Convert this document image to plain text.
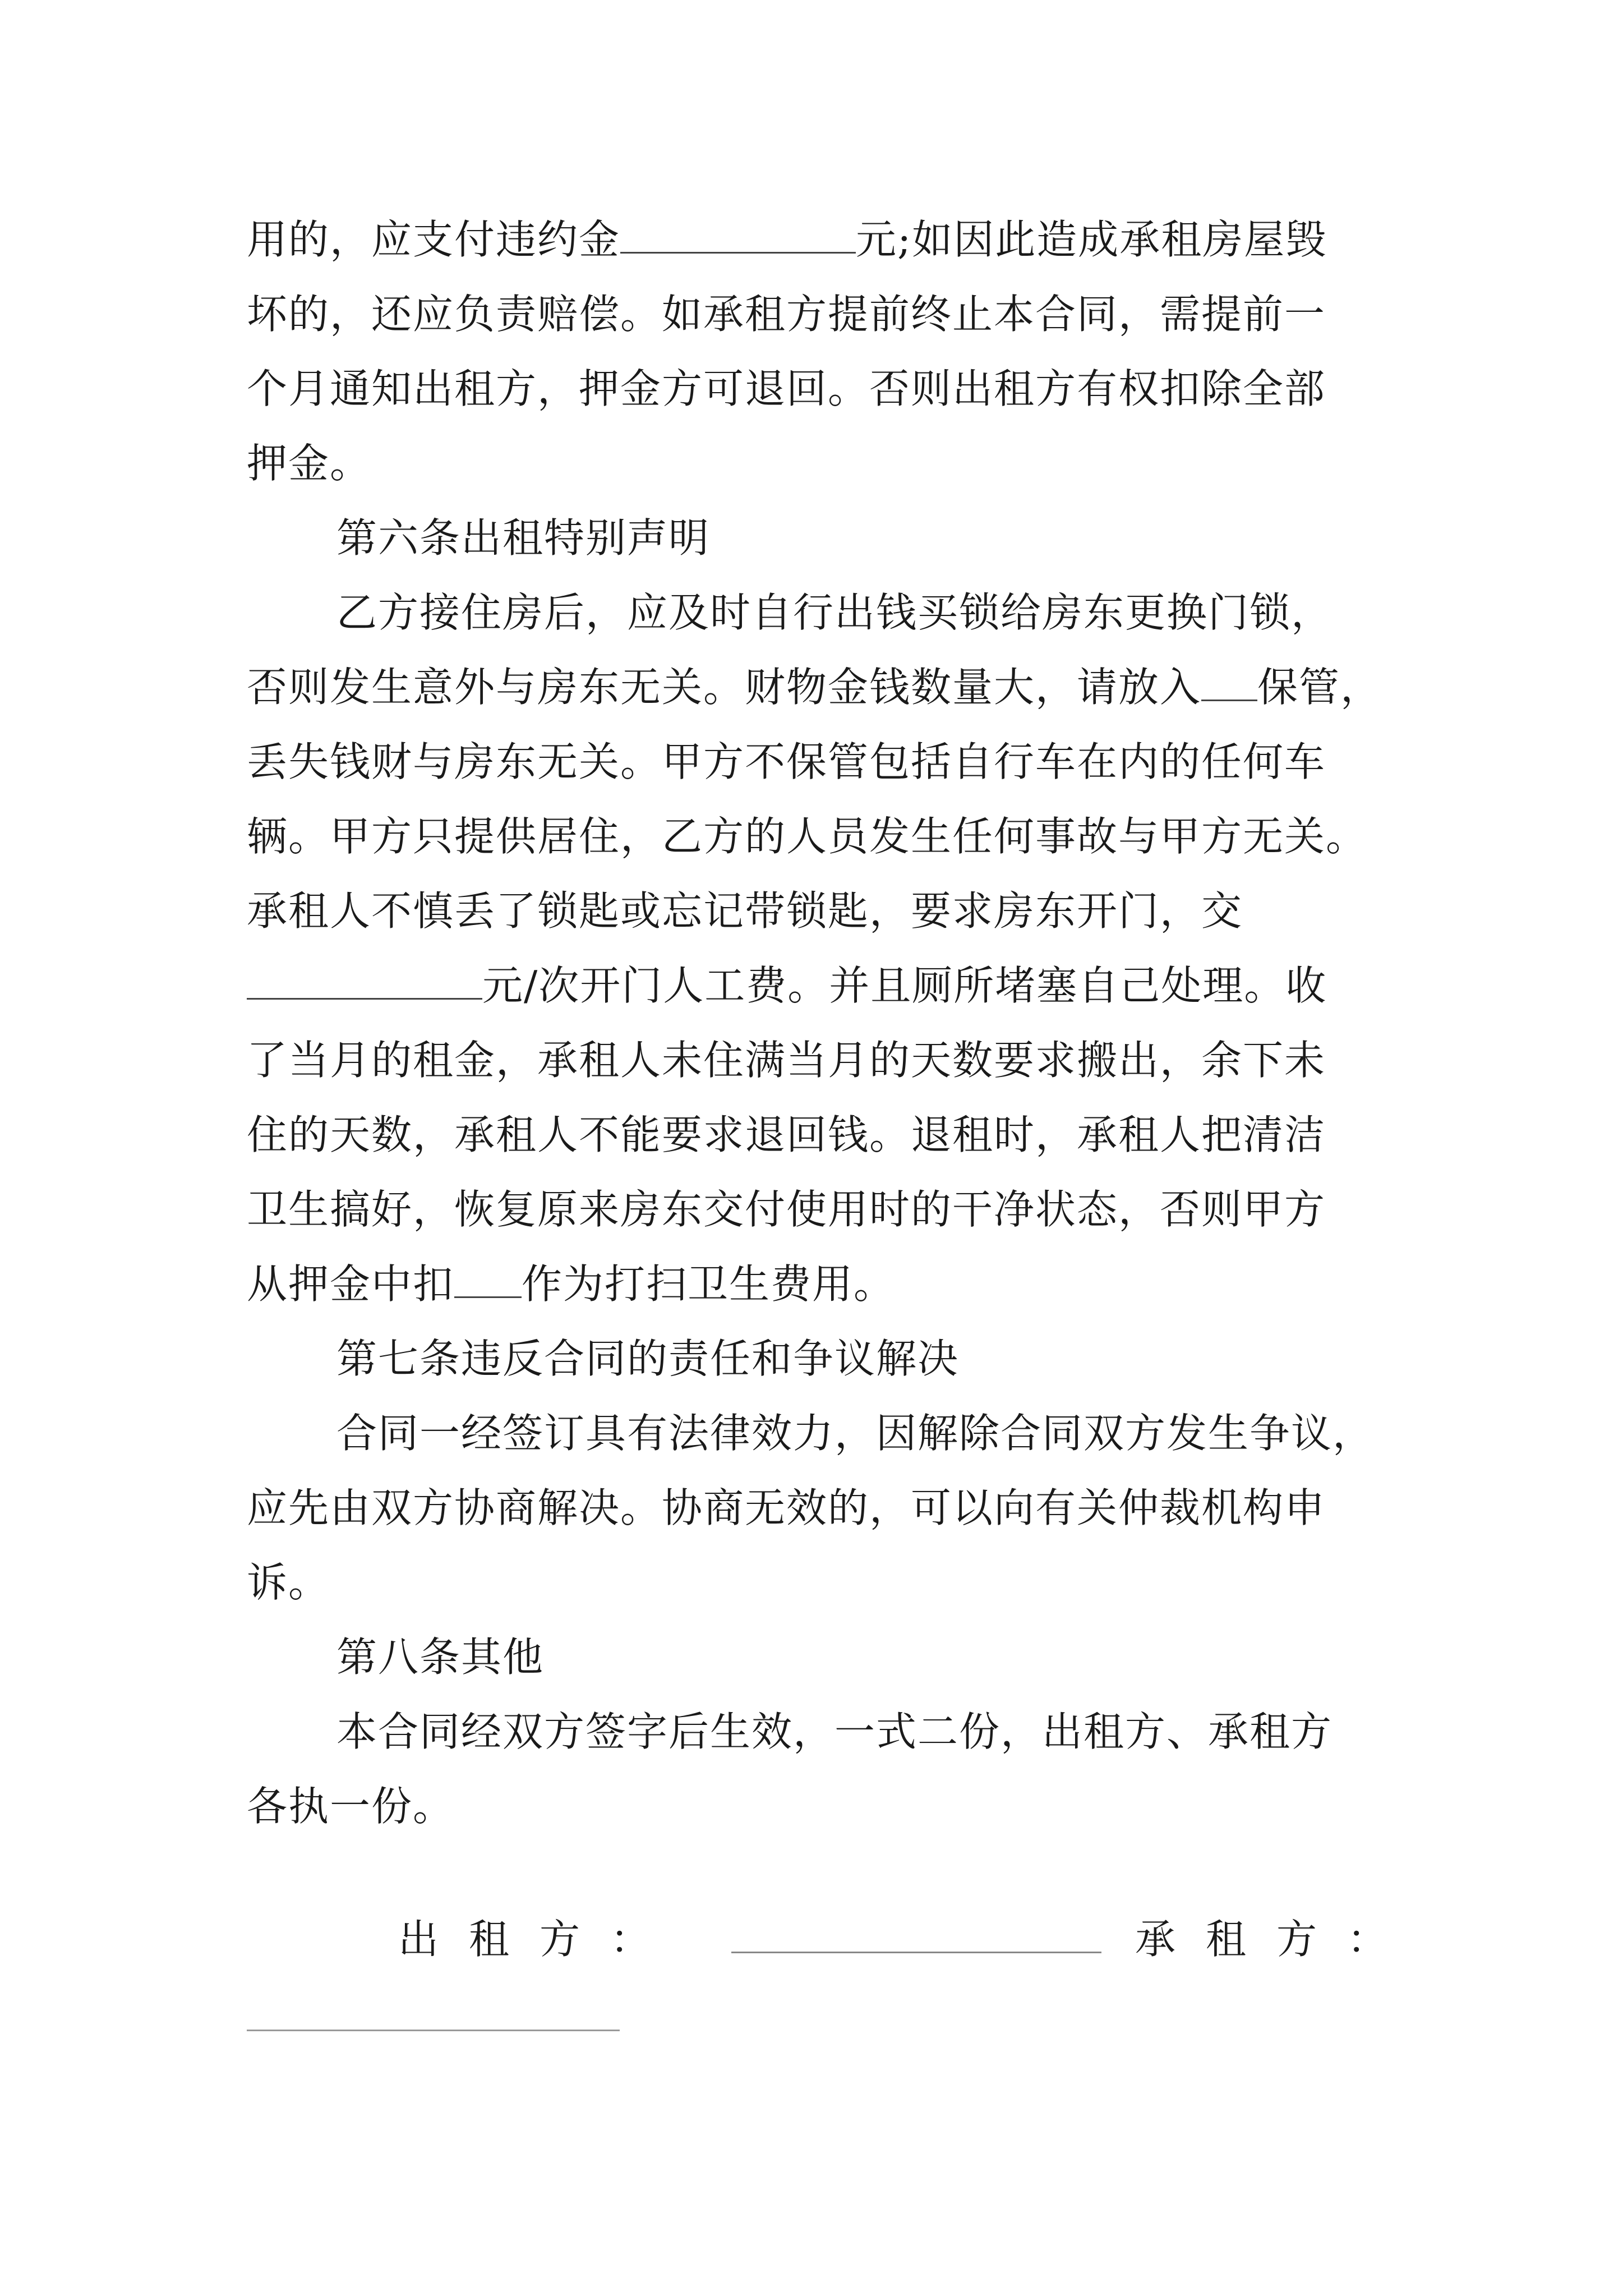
用的，应支付违约金	元;如因此造成承租房屋毁
坏的，还应负责赔偿。如承租方提前终止本合同，需提前一
个月通知出租方，押金方可退回。否则出租方有权扣除全部
押金。
第六条出租特别声明
乙方接住房后，应及时自行出钱买锁给房东更换门锁，
否则发生意外与房东无关。财物金钱数量大，请放入 保管，
丢失钱财与房东无关。甲方不保管包括自行车在内的任何车
辆。甲方只提供居住，乙方的人员发生任何事故与甲方无关。
承租人不慎丢了锁匙或忘记带锁匙，要求房东开门，交
元/次开门人工费。并且厕所堵塞自己处理。收
了当月的租金，承租人未住满当月的天数要求搬出，余下未
住的天数，承租人不能要求退回钱。退租时，承租人把清洁
卫生搞好，恢复原来房东交付使用时的干净状态，否则甲方
从押金中扣 作为打扫卫生费用。
第七条违反合同的责任和争议解决
合同一经签订具有法律效力，因解除合同双方发生争议，
应先由双方协商解决。协商无效的，可以向有关仲裁机构申
诉。
第八条其他
本合同经双方签字后生效，一式二份，出租方、承租方
各执一份。
出租方：	承租方：
